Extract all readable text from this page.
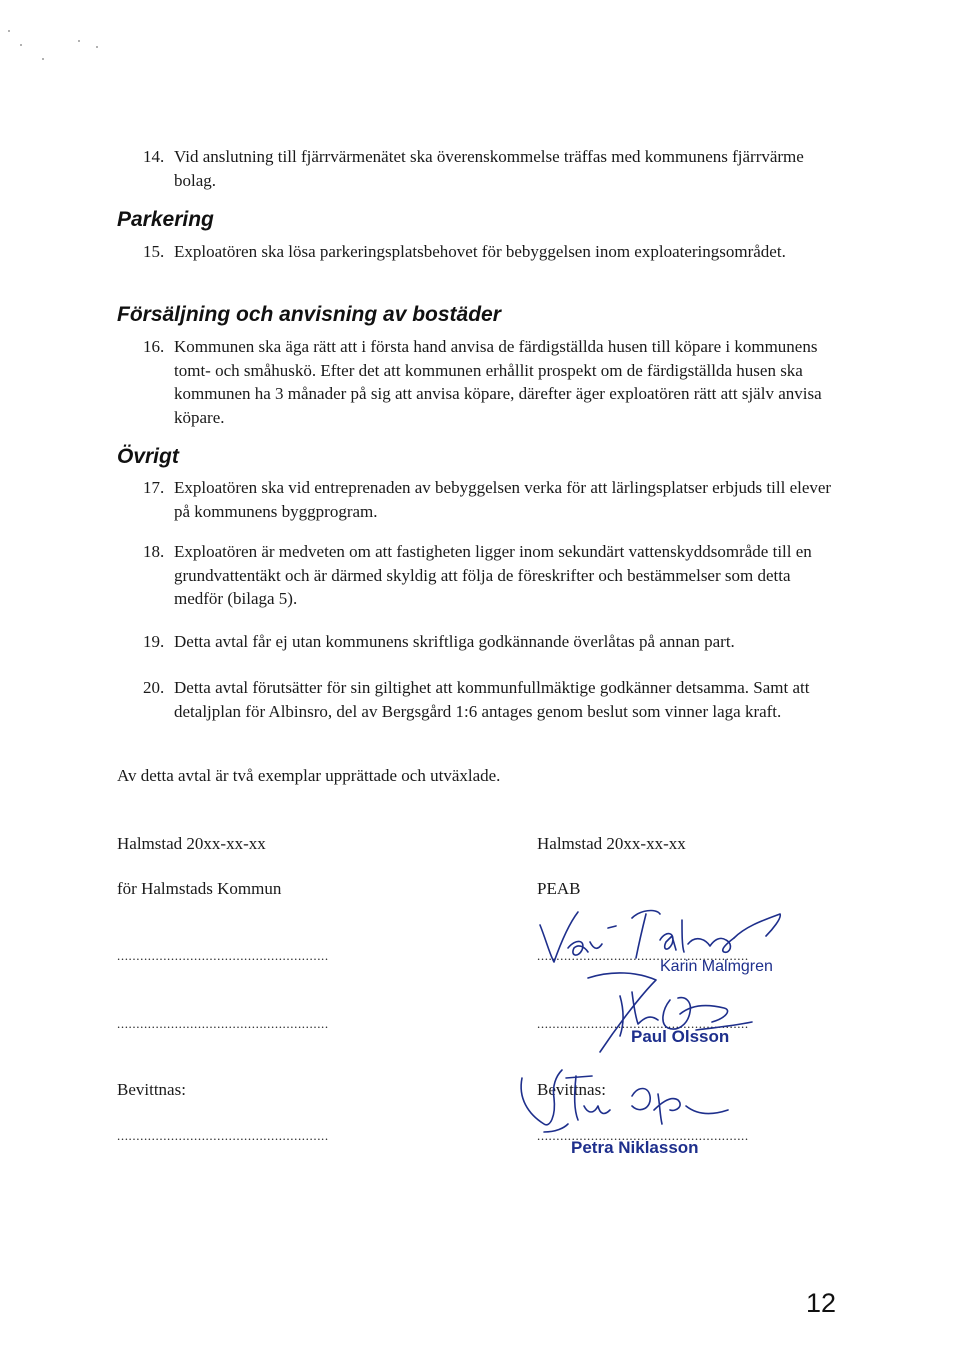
14. Vid anslutning till fjärrvärmenätet ska överenskommelse träffas med kommunens fjärrvärme bolag.
Parkering
15. Exploatören ska lösa parkeringsplatsbehovet för bebyggelsen inom exploateringsområdet.
Försäljning och anvisning av bostäder
16. Kommunen ska äga rätt att i första hand anvisa de färdigställda husen till köpare i kommunens tomt- och småhuskö. Efter det att kommunen erhållit prospekt om de färdigställda husen ska kommunen ha 3 månader på sig att anvisa köpare, därefter äger exploatören rätt att själv anvisa köpare.
Övrigt
17. Exploatören ska vid entreprenaden av bebyggelsen verka för att lärlingsplatser erbjuds till elever på kommunens byggprogram.
18. Exploatören är medveten om att fastigheten ligger inom sekundärt vattenskyddsområde till en grundvattentäkt och är därmed skyldig att följa de föreskrifter och bestämmelser som detta medför (bilaga 5).
19. Detta avtal får ej utan kommunens skriftliga godkännande överlåtas på annan part.
20. Detta avtal förutsätter för sin giltighet att kommunfullmäktige godkänner detsamma. Samt att detaljplan för Albinsro, del av Bergsgård 1:6 antages genom beslut som vinner laga kraft.
Av detta avtal är två exemplar upprättade och utväxlade.
Halmstad 20xx-xx-xx
för Halmstads Kommun
.......................................................
.......................................................
Bevittnas:
.......................................................
Halmstad 20xx-xx-xx
PEAB
.......................................................
Karin Malmgren
.......................................................
Paul Olsson
Bevittnas:
.......................................................
Petra Niklasson
12
